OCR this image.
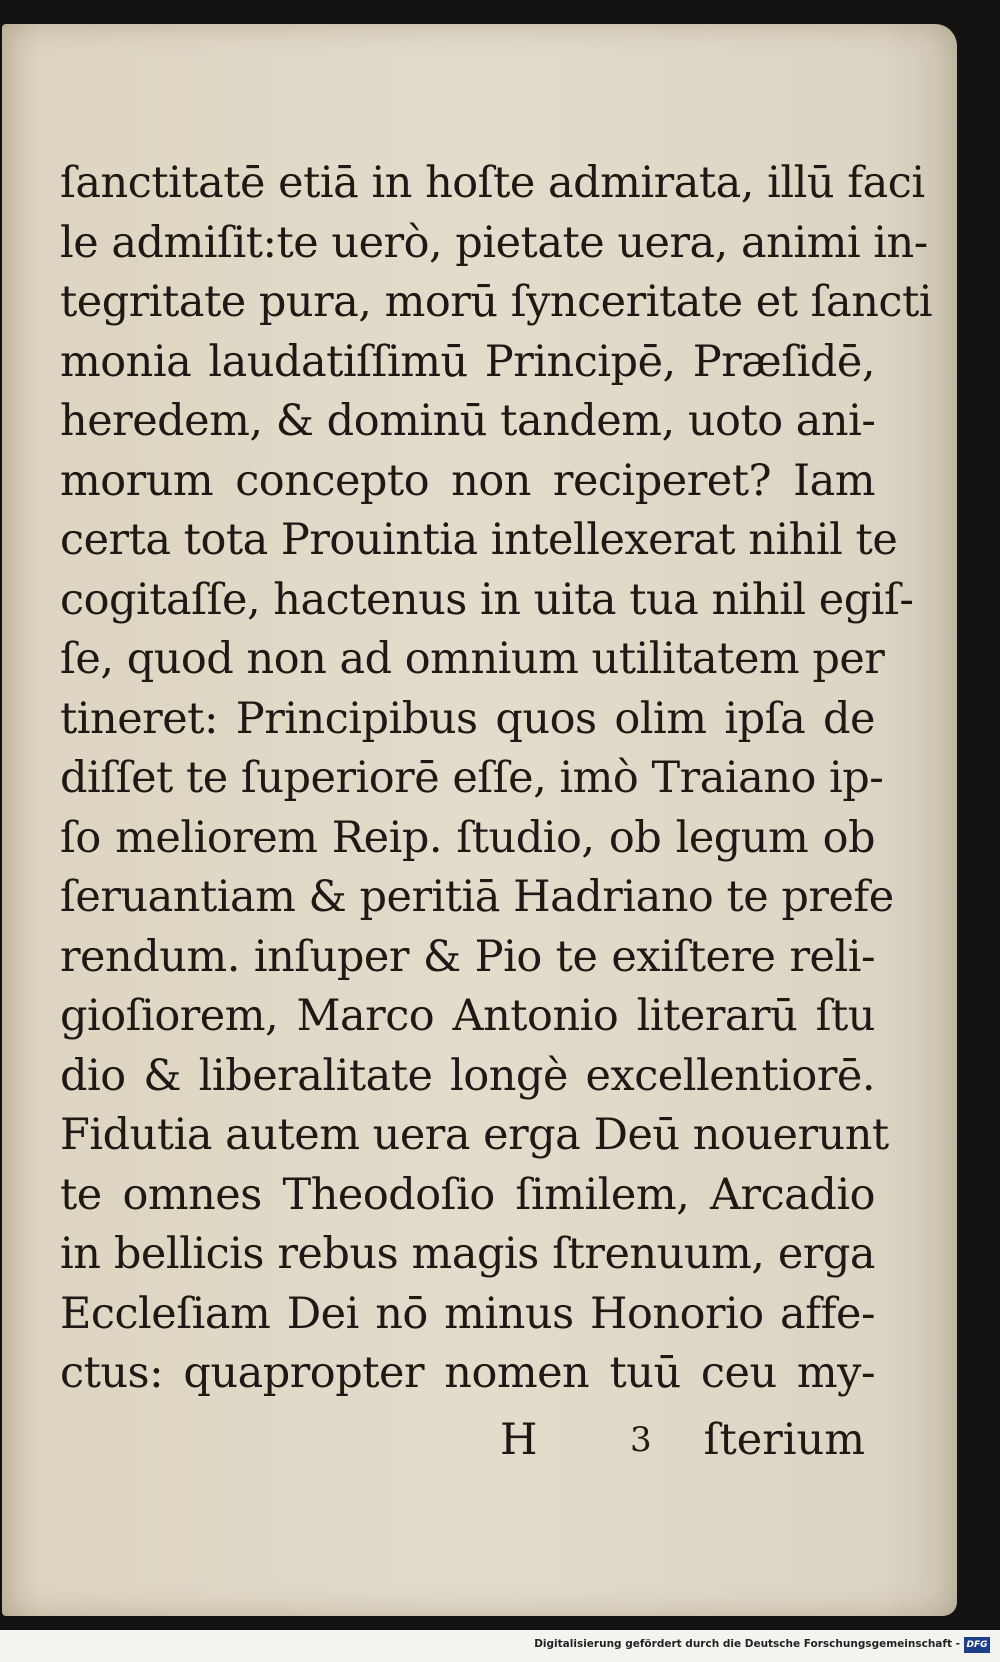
ſanctitatē etiā in hoſte admirata, illū faci
le admiſit:te uerò, pietate uera, animi in-
tegritate pura, morū ſynceritate et ſancti
monia laudatiſſimū Principē, Præſidē,
heredem, & dominū tandem, uoto ani-
morum concepto non reciperet? Iam
certa tota Prouintia intellexerat nihil te
cogitaſſe, hactenus in uita tua nihil egiſ-
ſe, quod non ad omnium utilitatem per
tineret: Principibus quos olim ipſa de
diſſet te ſuperiorē eſſe, imò Traiano ip-
ſo meliorem Reip. ſtudio, ob legum ob
ſeruantiam & peritiā Hadriano te prefe
rendum. inſuper & Pio te exiſtere reli-
gioſiorem, Marco Antonio literarū ſtu
dio & liberalitate longè excellentiorē.
Fidutia autem uera erga Deū nouerunt
te omnes Theodoſio ſimilem, Arcadio
in bellicis rebus magis ſtrenuum, erga
Eccleſiam Dei nō minus Honorio affe-
ctus: quapropter nomen tuū ceu my-
H	3 ſterium
Digitalisierung gefördert durch die Deutsche Forschungsgemeinschaft - DFG
